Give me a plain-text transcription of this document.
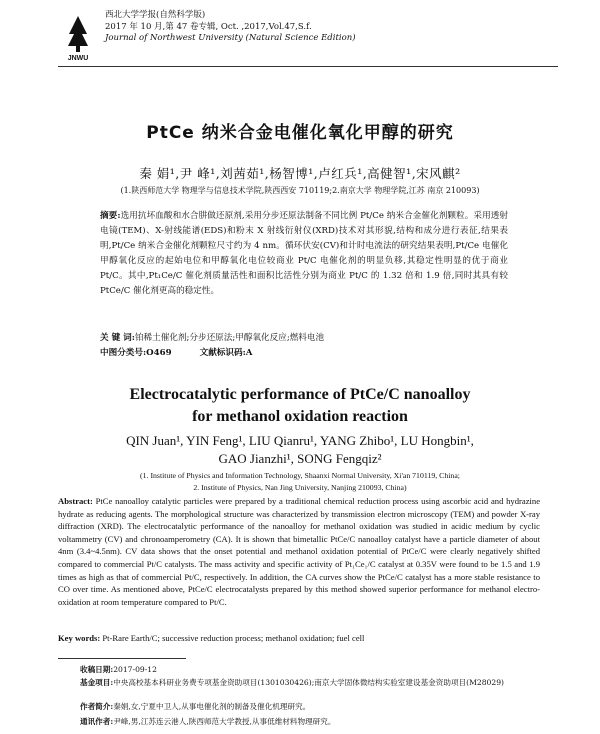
JNWU
西北大学学报(自然科学版)
2017 年 10 月,第 47 卷专辑, Oct. ,2017,Vol.47,S.f.
Journal of Northwest University (Natural Science Edition)
PtCe 纳米合金电催化氧化甲醇的研究
秦 娟¹,尹 峰¹,刘茜茹¹,杨智博¹,卢红兵¹,高健智¹,宋风麒²
(1.陕西师范大学 物理学与信息技术学院,陕西西安 710119;2.南京大学 物理学院,江苏 南京 210093)
摘要:选用抗坏血酸和水合肼做还原剂,采用分步还原法制备不同比例 Pt/Ce 纳米合金催化剂颗粒。采用透射电镜(TEM)、X-射线能谱(EDS)和粉末 X 射线衍射仪(XRD)技术对其形貌,结构和成分进行表征,结果表明,Pt/Ce 纳米合金催化剂颗粒尺寸约为 4 nm。循环伏安(CV)和计时电流法的研究结果表明,Pt/Ce 电催化甲醇氧化反应的起始电位和甲醇氧化电位较商业 Pt/C 电催化剂的明显负移,其稳定性明显的优于商业 Pt/C。其中,Pt₁Ce/C 催化剂质量活性和面积比活性分别为商业 Pt/C 的 1.32 倍和 1.9 倍,同时其具有较 PtCe/C 催化剂更高的稳定性。
关 键 词:铂稀土催化剂;分步还原法;甲醇氧化反应;燃料电池
中图分类号:O469	文献标识码:A
Electrocatalytic performance of PtCe/C nanoalloy
for methanol oxidation reaction
QIN Juan¹, YIN Feng¹, LIU Qianru¹, YANG Zhibo¹, LU Hongbin¹,
GAO Jianzhi¹, SONG Fengqiz²
(1. Institute of Physics and Information Technology, Shaanxi Normal University, Xi'an 710119, China;
2. Institute of Physics, Nan Jing University, Nanjing 210093, China)
Abstract: PtCe nanoalloy catalytic particles were prepared by a traditional chemical reduction process using ascorbic acid and hydrazine hydrate as reducing agents. The morphological structure was characterized by transmission electron microscopy (TEM) and powder X-ray diffraction (XRD). The electrocatalytic performance of the nanoalloy for methanol oxidation was studied in acidic medium by cyclic voltammetry (CV) and chronoamperometry (CA). It is shown that bimetallic PtCe/C nanoalloy catalyst have a particle diameter of about 4nm (3.4~4.5nm). CV data shows that the onset potential and methanol oxidation potential of PtCe/C were clearly negatively shifted compared to commercial Pt/C catalysts. The mass activity and specific activity of Pt₁Ce₁/C catalyst at 0.35V were found to be 1.5 and 1.9 times as high as that of commercial Pt/C, respectively. In addition, the CA curves show the PtCe/C catalyst has a more stable resistance to CO over time. As mentioned above, PtCe/C electrocatalysts prepared by this method showed superior performance for methanol electro-oxidation at room temperature compared to Pt/C.
Key words: Pt-Rare Earth/C; successive reduction process; methanol oxidation; fuel cell
收稿日期:2017-09-12
基金项目:中央高校基本科研业务费专项基金资助项目(1301030426);南京大学固体微结构实验室建设基金资助项目(M28029)
作者简介:秦娟,女,宁夏中卫人,从事电催化剂的制备及催化机理研究。
通讯作者:尹峰,男,江苏连云港人,陕西师范大学教授,从事低维材料物理研究。
